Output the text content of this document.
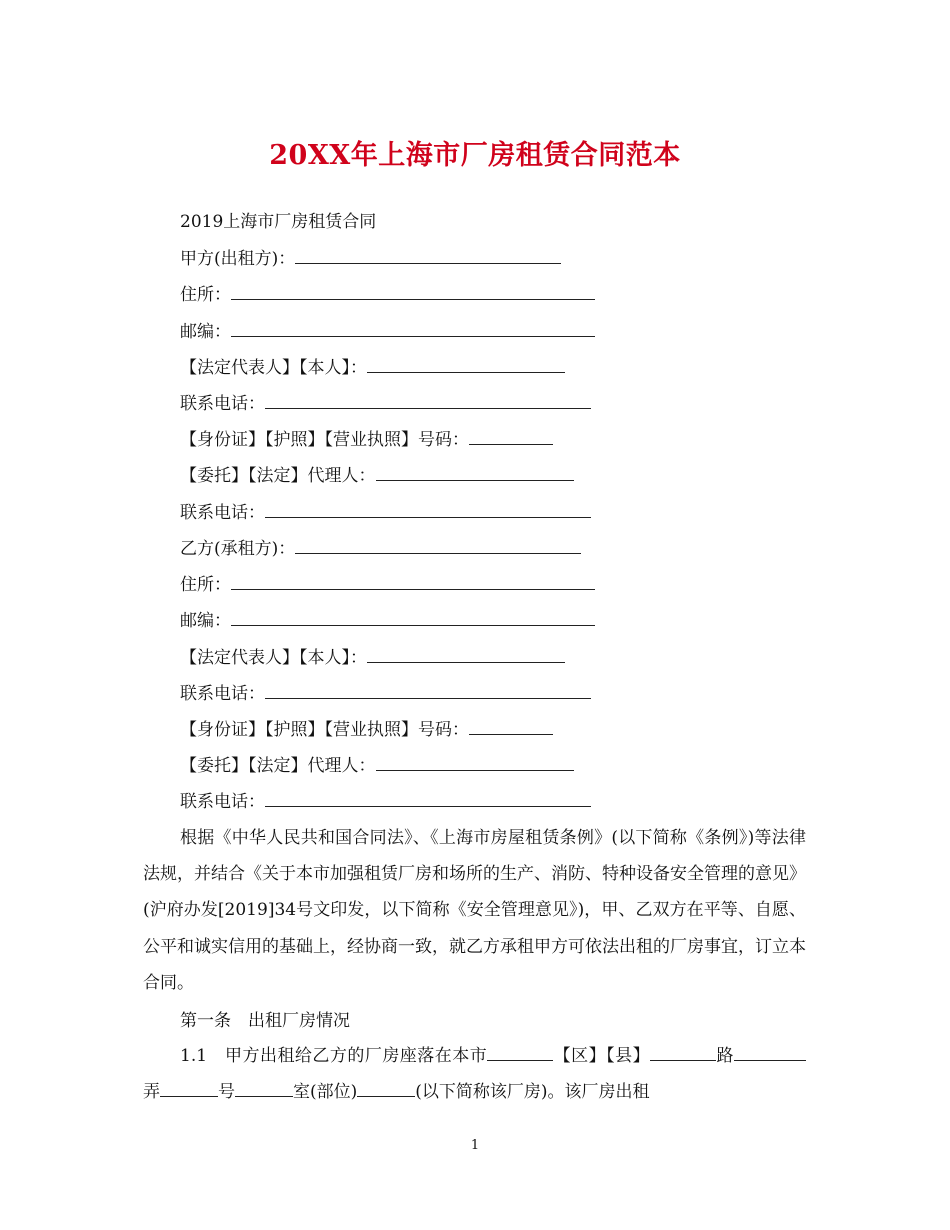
20XX年上海市厂房租赁合同范本
2019上海市厂房租赁合同
甲方(出租方)：
住所：
邮编：
【法定代表人】【本人】：
联系电话：
【身份证】【护照】【营业执照】号码：
【委托】【法定】代理人：
联系电话：
乙方(承租方)：
住所：
邮编：
【法定代表人】【本人】：
联系电话：
【身份证】【护照】【营业执照】号码：
【委托】【法定】代理人：
联系电话：
根据《中华人民共和国合同法》、《上海市房屋租赁条例》(以下简称《条例》)等法律法规，并结合《关于本市加强租赁厂房和场所的生产、消防、特种设备安全管理的意见》(沪府办发[2019]34号文印发，以下简称《安全管理意见》)，甲、乙双方在平等、自愿、公平和诚实信用的基础上，经协商一致，就乙方承租甲方可依法出租的厂房事宜，订立本合同。
第一条　出租厂房情况
1.1　 甲方出租给乙方的厂房座落在本市	【区】【县】	路弄	号	室(部位)	(以下简称该厂房)。该厂房出租
1
